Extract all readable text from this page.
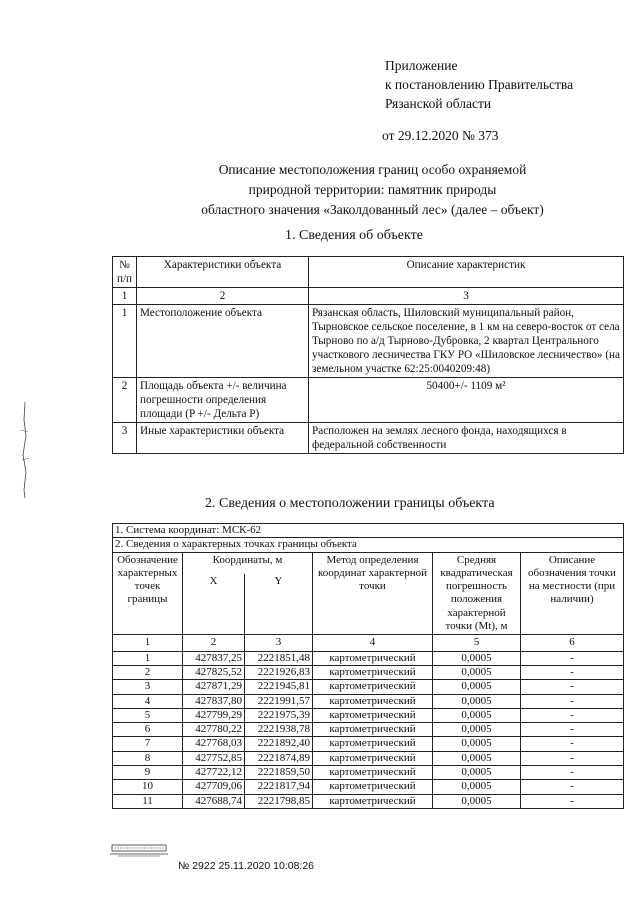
Приложение
к постановлению Правительства
Рязанской области
от 29.12.2020 № 373
Описание местоположения границ особо охраняемой
природной территории: памятник природы
областного значения «Заколдованный лес» (далее – объект)
1. Сведения об объекте
№ п/п	Характеристики объекта	Описание характеристик
1	2	3
1	Местоположение объекта	Рязанская область, Шиловский муниципальный район, Тырновское сельское поселение, в 1 км на северо-восток от села Тырново по а/д Тырново-Дубровка, 2 квартал Центрального участкового лесничества ГКУ РО «Шиловское лесничество» (на земельном участке 62:25:0040209:48)
2	Площадь объекта +/- величина погрешности определения площади (P +/- Дельта P)	50400+/- 1109 м²
3	Иные характеристики объекта	Расположен на землях лесного фонда, находящихся в федеральной собственности
2. Сведения о местоположении границы объекта
1. Система координат: МСК-62					
2. Сведения о характерных точках границы объекта					
Обозначение характерных точек границы	Координаты, м		Метод определения координат характерной точки	Средняя квадратическая погрешность положения характерной точки (Mt), м	Описание обозначения точки на местности (при наличии)
	X	Y			
1	2	3	4	5	6
1	427837,25	2221851,48	картометрический	0,0005	-
2	427825,52	2221926,83	картометрический	0,0005	-
3	427871,29	2221945,81	картометрический	0,0005	-
4	427837,80	2221991,57	картометрический	0,0005	-
5	427799,29	2221975,39	картометрический	0,0005	-
6	427780,22	2221938,78	картометрический	0,0005	-
7	427768,03	2221892,40	картометрический	0,0005	-
8	427752,85	2221874,89	картометрический	0,0005	-
9	427722,12	2221859,50	картометрический	0,0005	-
10	427709,06	2221817,94	картометрический	0,0005	-
11	427688,74	2221798,85	картометрический	0,0005	-
№ 2922 25.11.2020 10:08:26
